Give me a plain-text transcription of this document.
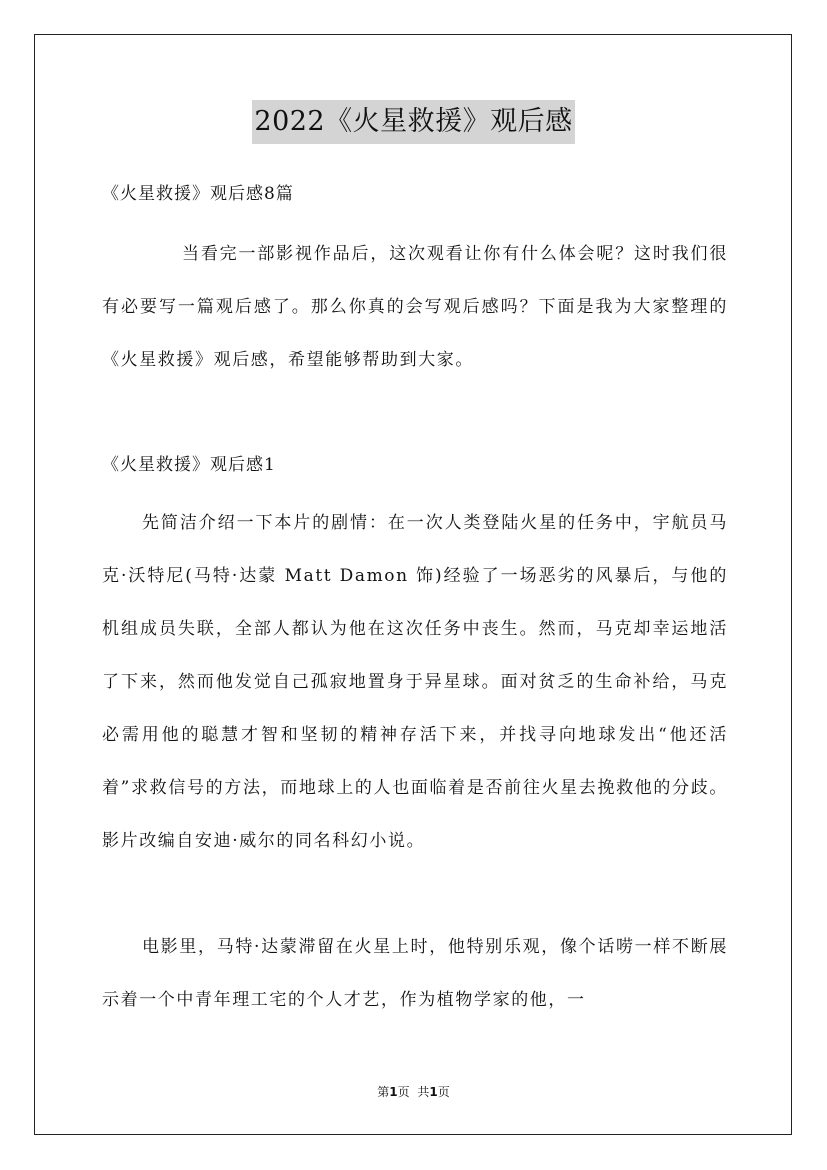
2022《火星救援》观后感
《火星救援》观后感8篇

当看完一部影视作品后，这次观看让你有什么体会呢？这时我们很有必要写一篇观后感了。那么你真的会写观后感吗？下面是我为大家整理的《火星救援》观后感，希望能够帮助到大家。

《火星救援》观后感1

先简洁介绍一下本片的剧情：在一次人类登陆火星的任务中，宇航员马克·沃特尼(马特·达蒙 Matt Damon 饰)经验了一场恶劣的风暴后，与他的机组成员失联，全部人都认为他在这次任务中丧生。然而，马克却幸运地活了下来，然而他发觉自己孤寂地置身于异星球。面对贫乏的生命补给，马克必需用他的聪慧才智和坚韧的精神存活下来，并找寻向地球发出“他还活着”求救信号的方法，而地球上的人也面临着是否前往火星去挽救他的分歧。影片改编自安迪·威尔的同名科幻小说。

电影里，马特·达蒙滞留在火星上时，他特别乐观，像个话唠一样不断展示着一个中青年理工宅的个人才艺，作为植物学家的他，一

第1页 共1页
